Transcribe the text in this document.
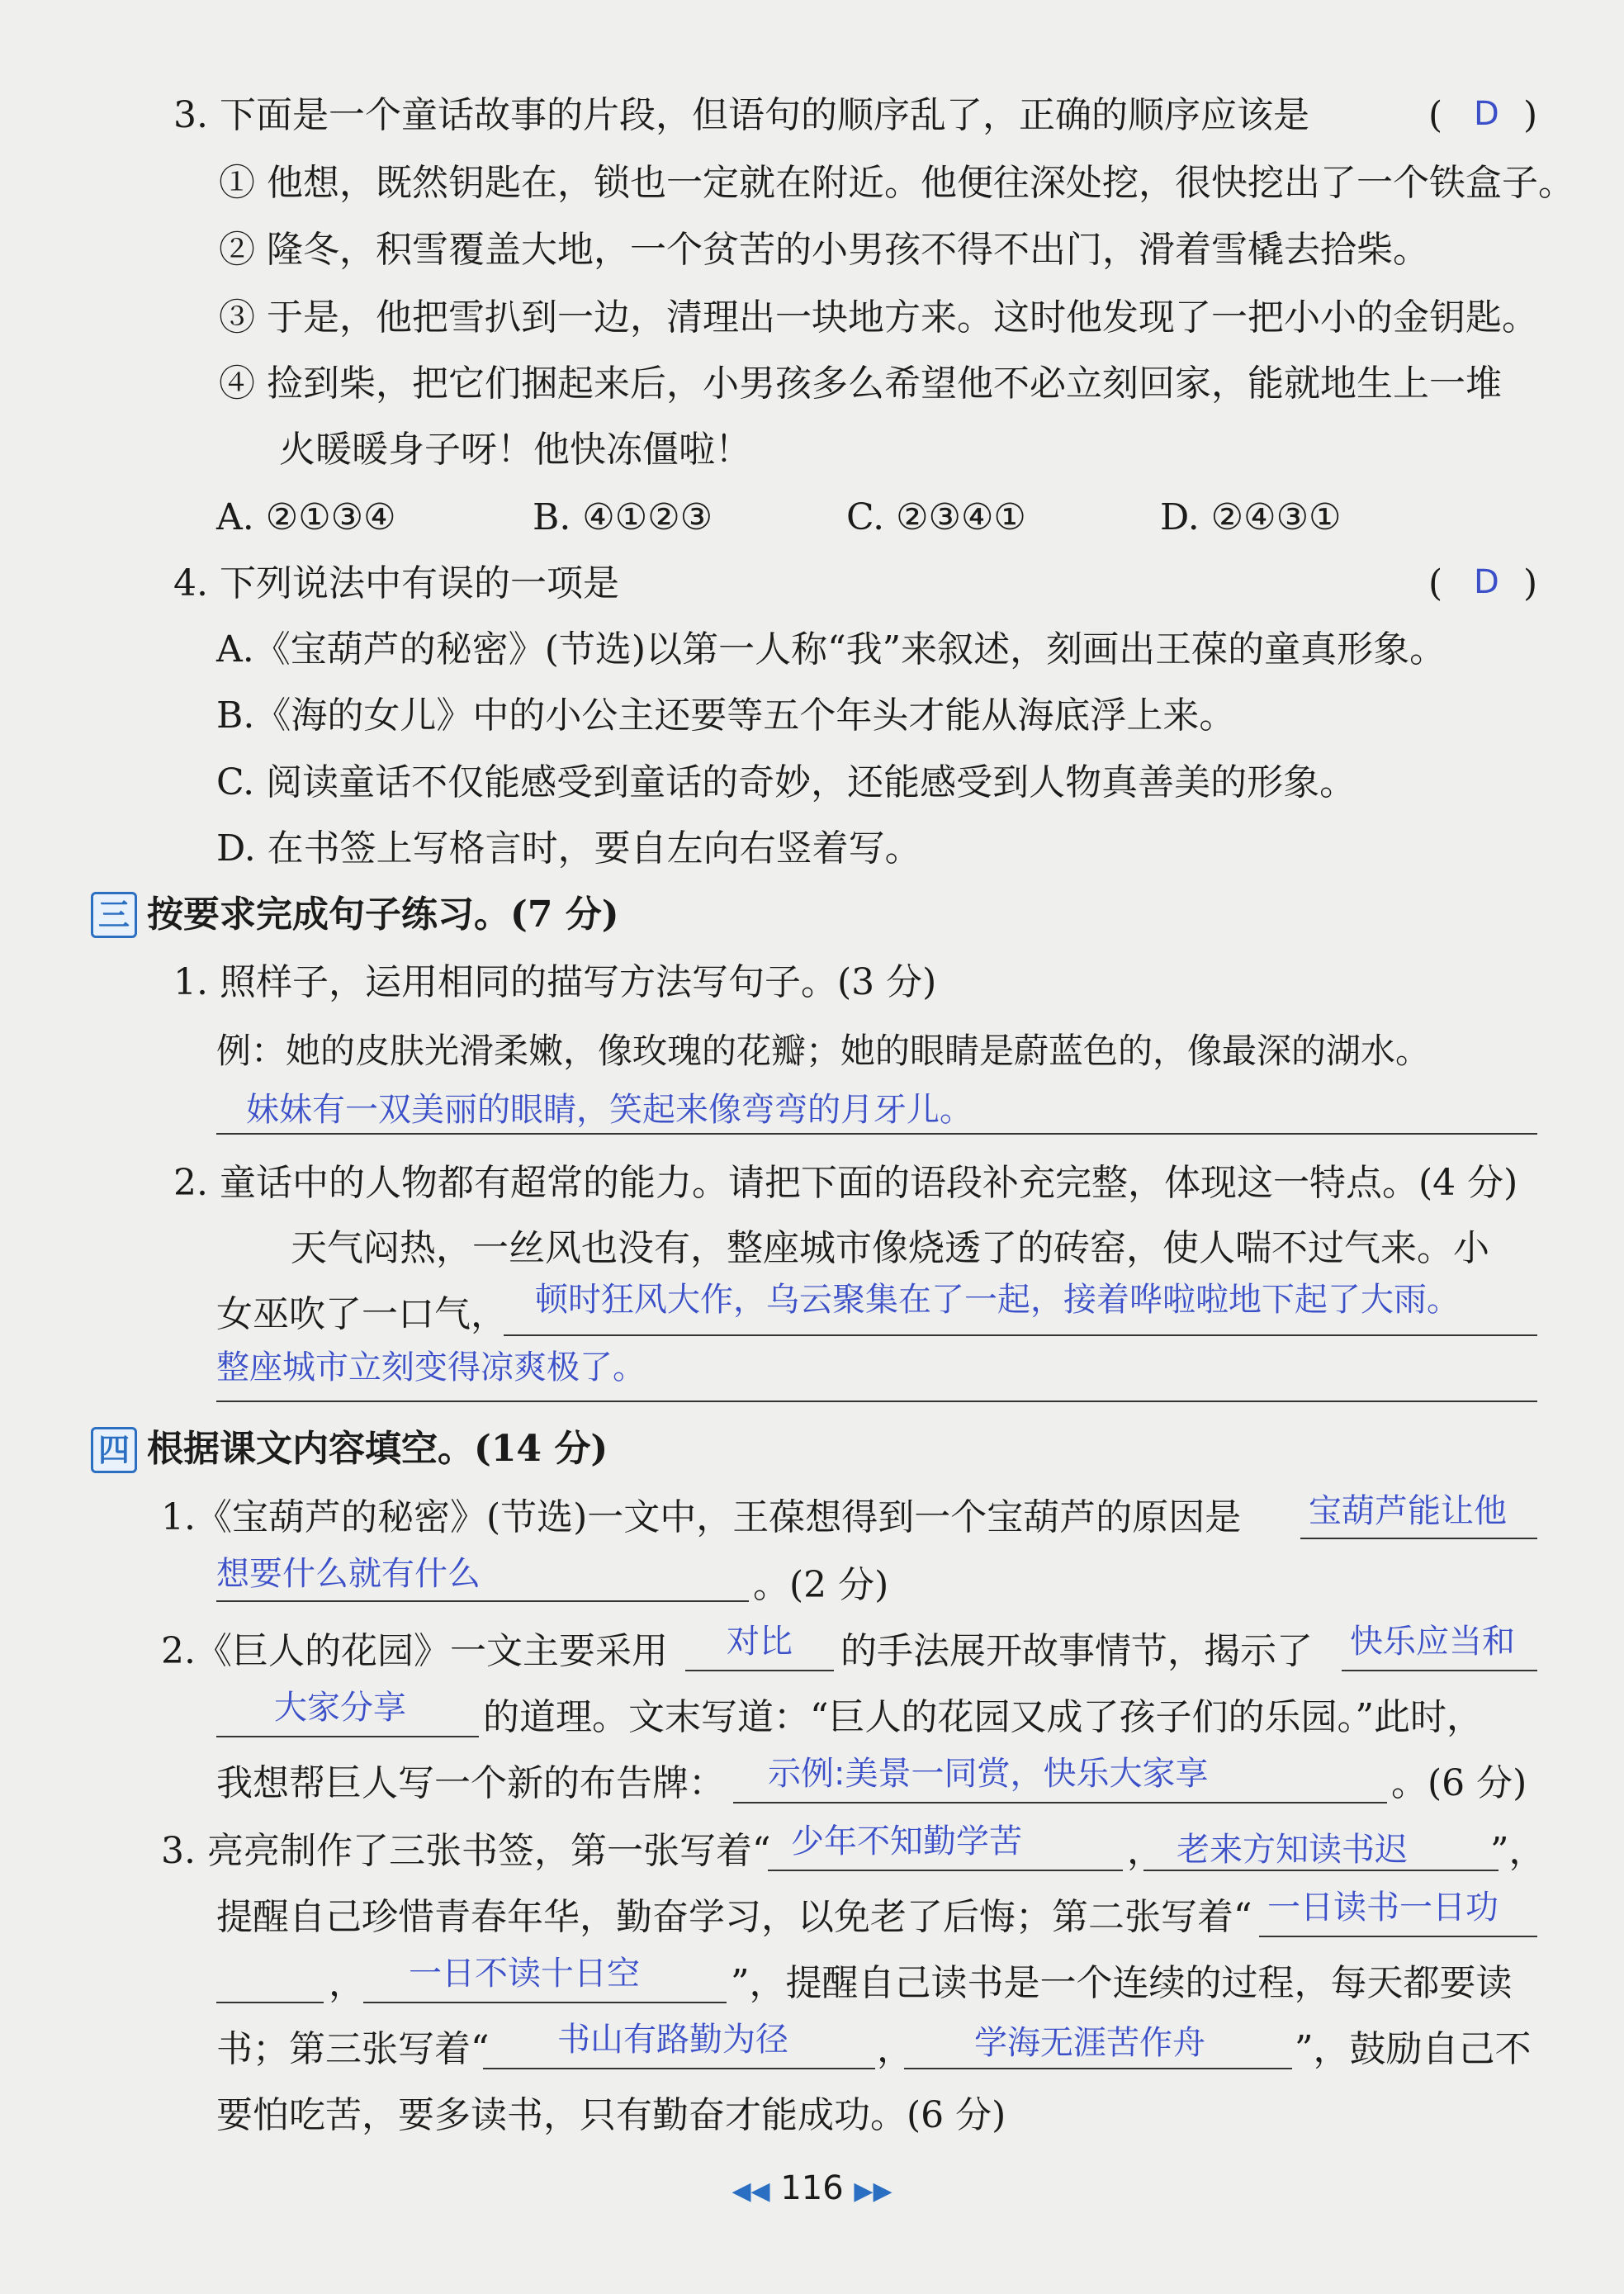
3. 下面是一个童话故事的片段，但语句的顺序乱了，正确的顺序应该是	( D )
① 他想，既然钥匙在，锁也一定就在附近。他便往深处挖，很快挖出了一个铁盒子。
② 隆冬，积雪覆盖大地，一个贫苦的小男孩不得不出门，滑着雪橇去拾柴。
③ 于是，他把雪扒到一边，清理出一块地方来。这时他发现了一把小小的金钥匙。
④ 捡到柴，把它们捆起来后，小男孩多么希望他不必立刻回家，能就地生上一堆
火暖暖身子呀！他快冻僵啦！
A. ②①③④	B. ④①②③	C. ②③④①	D. ②④③①
4. 下列说法中有误的一项是	( D )
A.《宝葫芦的秘密》(节选)以第一人称“我”来叙述，刻画出王葆的童真形象。
B.《海的女儿》中的小公主还要等五个年头才能从海底浮上来。
C. 阅读童话不仅能感受到童话的奇妙，还能感受到人物真善美的形象。
D. 在书签上写格言时，要自左向右竖着写。
三 按要求完成句子练习。(7 分)
1. 照样子，运用相同的描写方法写句子。(3 分)
例：她的皮肤光滑柔嫩，像玫瑰的花瓣；她的眼睛是蔚蓝色的，像最深的湖水。
妹妹有一双美丽的眼睛，笑起来像弯弯的月牙儿。
2. 童话中的人物都有超常的能力。请把下面的语段补充完整，体现这一特点。(4 分)
天气闷热，一丝风也没有，整座城市像烧透了的砖窑，使人喘不过气来。小
女巫吹了一口气， 顿时狂风大作，乌云聚集在了一起，接着哗啦啦地下起了大雨。
整座城市立刻变得凉爽极了。
四 根据课文内容填空。(14 分)
1.《宝葫芦的秘密》(节选)一文中，王葆想得到一个宝葫芦的原因是 宝葫芦能让他
想要什么就有什么	。(2 分)
2.《巨人的花园》一文主要采用 对比 的手法展开故事情节，揭示了 快乐应当和
大家分享 的道理。文末写道：“巨人的花园又成了孩子们的乐园。”此时，
我想帮巨人写一个新的布告牌： 示例:美景一同赏，快乐大家享	。(6 分)
3. 亮亮制作了三张书签，第一张写着“ 少年不知勤学苦	， 老来方知读书迟 ”，
提醒自己珍惜青春年华，勤奋学习，以免老了后悔；第二张写着“ 一日读书一日功
， 一日不读十日空	”，提醒自己读书是一个连续的过程，每天都要读
书；第三张写着“ 书山有路勤为径 ， 学海无涯苦作舟 ”，鼓励自己不
要怕吃苦，要多读书，只有勤奋才能成功。(6 分)
◀◀ 116 ▶▶
